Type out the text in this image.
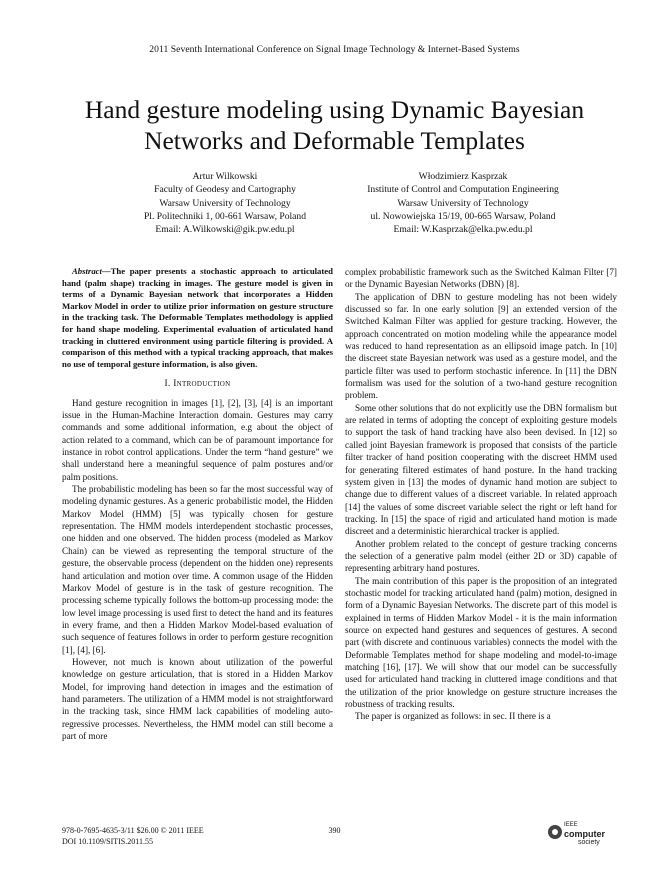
2011 Seventh International Conference on Signal Image Technology & Internet-Based Systems
Hand gesture modeling using Dynamic Bayesian
Networks and Deformable Templates
Artur Wilkowski
Faculty of Geodesy and Cartography
Warsaw University of Technology
Pl. Politechniki 1, 00-661 Warsaw, Poland
Email: A.Wilkowski@gik.pw.edu.pl
Włodzimierz Kasprzak
Institute of Control and Computation Engineering
Warsaw University of Technology
ul. Nowowiejska 15/19, 00-665 Warsaw, Poland
Email: W.Kasprzak@elka.pw.edu.pl

Abstract—The paper presents a stochastic approach to articulated hand (palm shape) tracking in images. The gesture model is given in terms of a Dynamic Bayesian network that incorporates a Hidden Markov Model in order to utilize prior information on gesture structure in the tracking task. The Deformable Templates methodology is applied for hand shape modeling. Experimental evaluation of articulated hand tracking in cluttered environment using particle filtering is provided. A comparison of this method with a typical tracking approach, that makes no use of temporal gesture information, is also given.

I. Introduction

Hand gesture recognition in images [1], [2], [3], [4] is an important issue in the Human-Machine Interaction domain. Gestures may carry commands and some additional information, e.g about the object of action related to a command, which can be of paramount importance for instance in robot control applications. Under the term “hand gesture” we shall understand here a meaningful sequence of palm postures and/or palm positions.

The probabilistic modeling has been so far the most successful way of modeling dynamic gestures. As a generic probabilistic model, the Hidden Markov Model (HMM) [5] was typically chosen for gesture representation. The HMM models interdependent stochastic processes, one hidden and one observed. The hidden process (modeled as Markov Chain) can be viewed as representing the temporal structure of the gesture, the observable process (dependent on the hidden one) represents hand articulation and motion over time. A common usage of the Hidden Markov Model of gesture is in the task of gesture recognition. The processing scheme typically follows the bottom-up processing mode: the low level image processing is used first to detect the hand and its features in every frame, and then a Hidden Markov Model-based evaluation of such sequence of features follows in order to perform gesture recognition [1], [4], [6].

However, not much is known about utilization of the powerful knowledge on gesture articulation, that is stored in a Hidden Markov Model, for improving hand detection in images and the estimation of hand parameters. The utilization of a HMM model is not straightforward in the tracking task, since HMM lack capabilities of modeling auto-regressive processes. Nevertheless, the HMM model can still become a part of more

complex probabilistic framework such as the Switched Kalman Filter [7] or the Dynamic Bayesian Networks (DBN) [8].

The application of DBN to gesture modeling has not been widely discussed so far. In one early solution [9] an extended version of the Switched Kalman Filter was applied for gesture tracking. However, the approach concentrated on motion modeling while the appearance model was reduced to hand representation as an ellipsoid image patch. In [10] the discreet state Bayesian network was used as a gesture model, and the particle filter was used to perform stochastic inference. In [11] the DBN formalism was used for the solution of a two-hand gesture recognition problem.

Some other solutions that do not explicitly use the DBN formalism but are related in terms of adopting the concept of exploiting gesture models to support the task of hand tracking have also been devised. In [12] so called joint Bayesian framework is proposed that consists of the particle filter tracker of hand position cooperating with the discreet HMM used for generating filtered estimates of hand posture. In the hand tracking system given in [13] the modes of dynamic hand motion are subject to change due to different values of a discreet variable. In related approach [14] the values of some discreet variable select the right or left hand for tracking. In [15] the space of rigid and articulated hand motion is made discreet and a deterministic hierarchical tracker is applied.

Another problem related to the concept of gesture tracking concerns the selection of a generative palm model (either 2D or 3D) capable of representing arbitrary hand postures.

The main contribution of this paper is the proposition of an integrated stochastic model for tracking articulated hand (palm) motion, designed in form of a Dynamic Bayesian Networks. The discrete part of this model is explained in terms of Hidden Markov Model - it is the main information source on expected hand gestures and sequences of gestures. A second part (with discrete and continuous variables) connects the model with the Deformable Templates method for shape modeling and model-to-image matching [16], [17]. We will show that our model can be successfully used for articulated hand tracking in cluttered image conditions and that the utilization of the prior knowledge on gesture structure increases the robustness of tracking results.

The paper is organized as follows: in sec. II there is a

978-0-7695-4635-3/11 $26.00 © 2011 IEEE
DOI 10.1109/SITIS.2011.55
390
IEEE
computer
society
